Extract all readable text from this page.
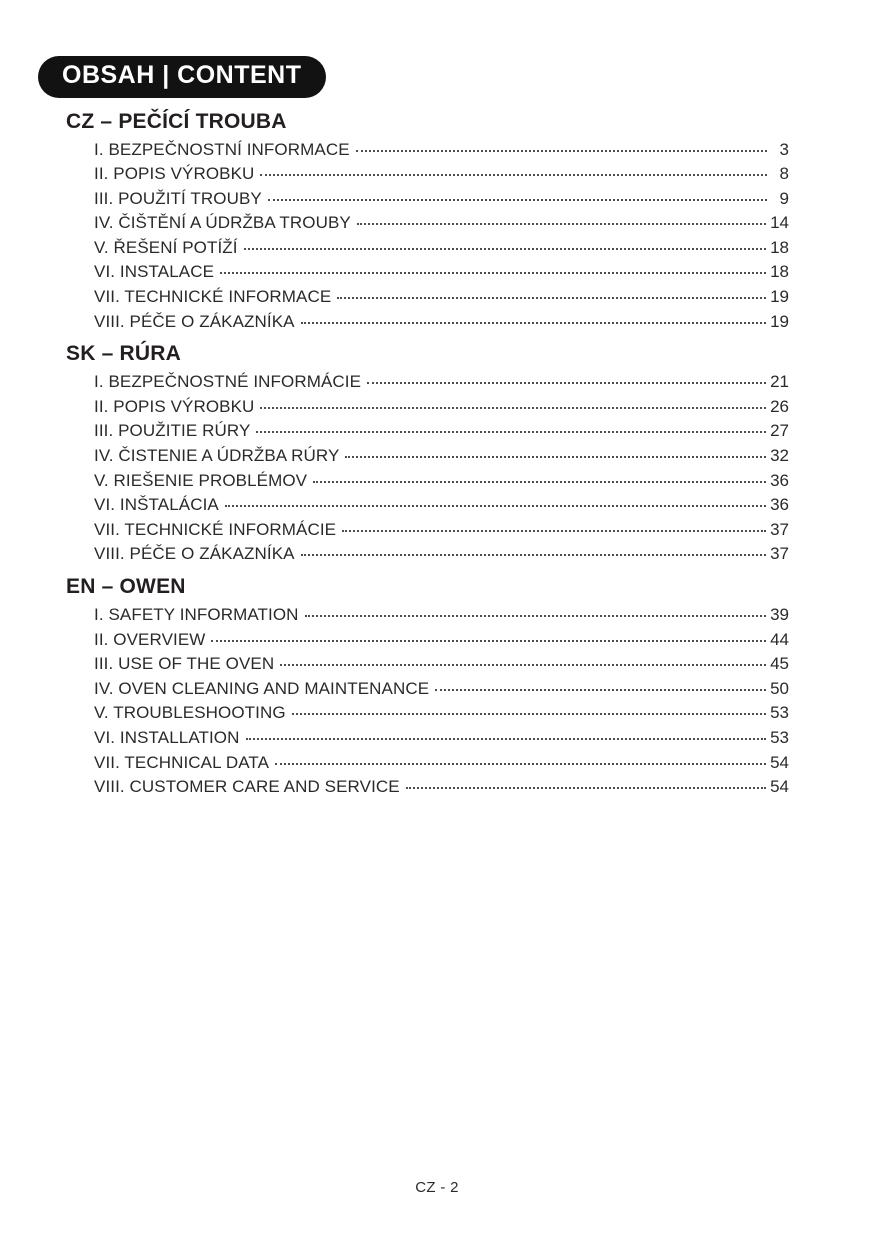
OBSAH | CONTENT
CZ – PEČÍCÍ TROUBA
I. BEZPEČNOSTNÍ INFORMACE	3
II. POPIS VÝROBKU	8
III. POUŽITÍ TROUBY	9
IV. ČIŠTĚNÍ A ÚDRŽBA TROUBY	14
V. ŘEŠENÍ POTÍŽÍ	18
VI. INSTALACE	18
VII. TECHNICKÉ INFORMACE	19
VIII. PÉČE O ZÁKAZNÍKA	19
SK – RÚRA
I. BEZPEČNOSTNÉ INFORMÁCIE	21
II. POPIS VÝROBKU	26
III. POUŽITIE RÚRY	27
IV. ČISTENIE A ÚDRŽBA RÚRY	32
V. RIEŠENIE PROBLÉMOV	36
VI. INŠTALÁCIA	36
VII. TECHNICKÉ INFORMÁCIE	37
VIII. PÉČE O ZÁKAZNÍKA	37
EN – OWEN
I. SAFETY INFORMATION	39
II. OVERVIEW	44
III. USE OF THE OVEN	45
IV. OVEN CLEANING AND MAINTENANCE	50
V. TROUBLESHOOTING	53
VI. INSTALLATION	53
VII. TECHNICAL DATA	54
VIII. CUSTOMER CARE AND SERVICE	54
CZ - 2
